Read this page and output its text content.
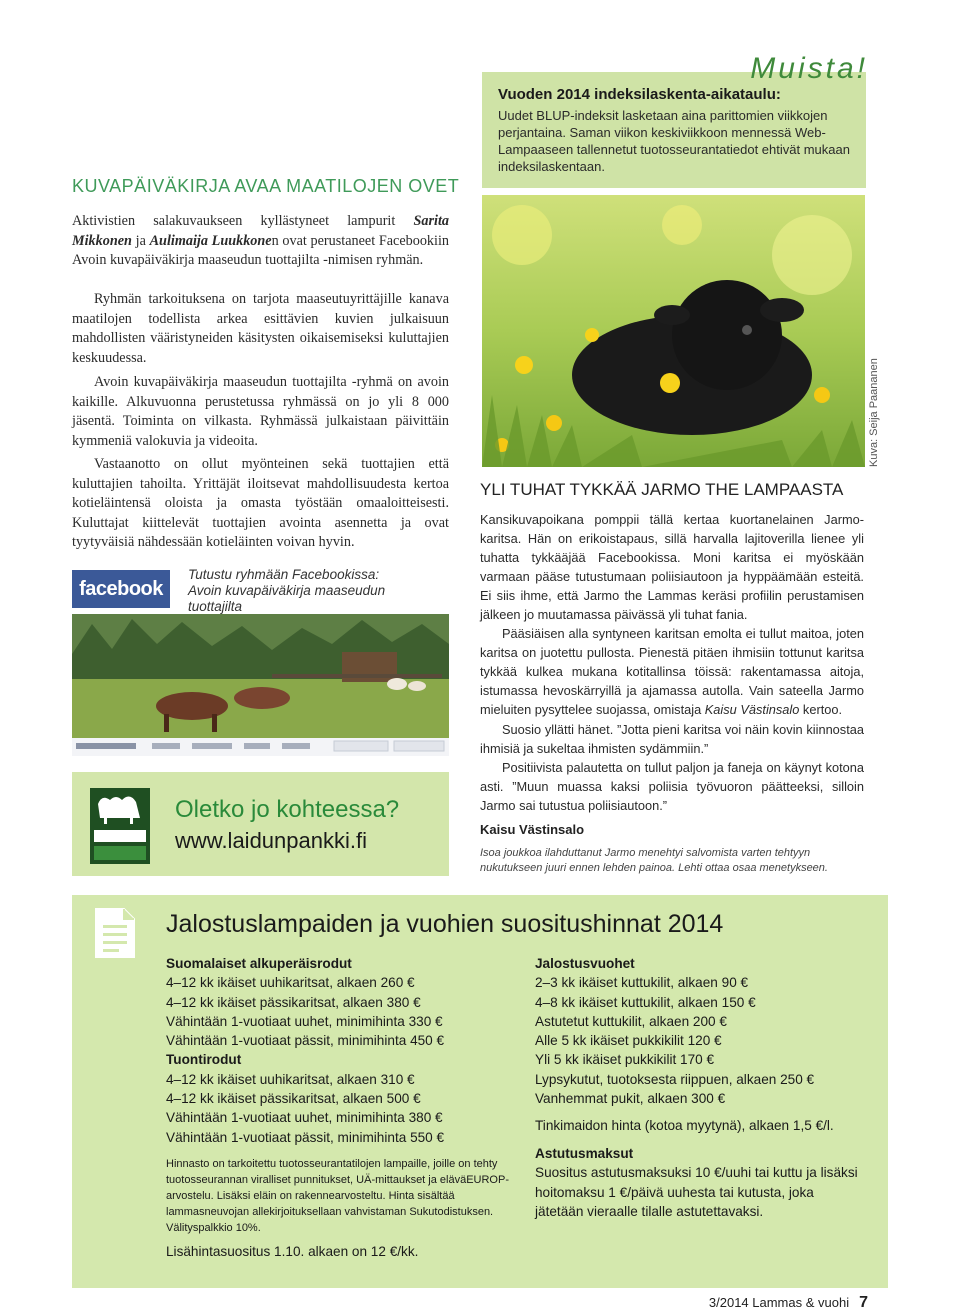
Muista!
Vuoden 2014 indeksilaskenta-aikataulu:
Uudet BLUP-indeksit lasketaan aina parittomien viikkojen perjantaina. Saman viikon keskiviikkoon mennessä Web-Lampaaseen tallennetut tuotosseurantatiedot ehtivät mukaan indeksilaskentaan.
KUVAPÄIVÄKIRJA AVAA MAATILOJEN OVET
Aktivistien salakuvaukseen kyllästyneet lampurit Sarita Mikkonen ja Aulimaija Luukkonen ovat perustaneet Facebookiin Avoin kuvapäiväkirja maaseudun tuottajilta -nimisen ryhmän.
Ryhmän tarkoituksena on tarjota maaseutuyrittäjille kanava maatilojen todellista arkea esittävien kuvien julkaisuun mahdollisten vääristyneiden käsitysten oikaisemiseksi kuluttajien keskuudessa.
Avoin kuvapäiväkirja maaseudun tuottajilta -ryhmä on avoin kaikille. Alkuvuonna perustetussa ryhmässä on jo yli 8 000 jäsentä. Toiminta on vilkasta. Ryhmässä julkaistaan päivittäin kymmeniä valokuvia ja videoita.
Vastaanotto on ollut myönteinen sekä tuottajien että kuluttajien tahoilta. Yrittäjät iloitsevat mahdollisuudesta kertoa kotieläintensä oloista ja omasta työstään omaaloitteisesti. Kuluttajat kiittelevät tuottajien avointa asennetta ja ovat tyytyväisiä nähdessään kotieläinten voivan hyvin.
facebook
Tutustu ryhmään Facebookissa: Avoin kuvapäiväkirja maaseudun tuottajilta
Oletko jo kohteessa?
www.laidunpankki.fi
Kuva: Seija Paananen
YLI TUHAT TYKKÄÄ JARMO THE LAMPAASTA
Kansikuvapoikana pomppii tällä kertaa kuortanelainen Jarmo-karitsa. Hän on erikoistapaus, sillä harvalla lajitoverilla lienee yli tuhatta tykkääjää Facebookissa. Moni karitsa ei myöskään varmaan pääse tutustumaan poliisiautoon ja hyppäämään esteitä. Ei siis ihme, että Jarmo the Lammas keräsi profiilin perustamisen jälkeen jo muutamassa päivässä yli tuhat fania.
Pääsiäisen alla syntyneen karitsan emolta ei tullut maitoa, joten karitsa on juotettu pullosta. Pienestä pitäen ihmisiin tottunut karitsa tykkää kulkea mukana kotitallinsa töissä: rakentamassa aitoja, istumassa hevoskärryillä ja ajamassa autolla. Vain sateella Jarmo mieluiten pysyttelee suojassa, omistaja Kaisu Västinsalo kertoo.
Suosio yllätti hänet. ”Jotta pieni karitsa voi näin kovin kiinnostaa ihmisiä ja sukeltaa ihmisten sydämmiin.”
Positiivista palautetta on tullut paljon ja faneja on käynyt kotona asti. ”Muun muassa kaksi poliisia työvuoron päätteeksi, silloin Jarmo sai tutustua poliisiautoon.”
Kaisu Västinsalo
Isoa joukkoa ilahduttanut Jarmo menehtyi salvomista varten tehtyyn nukutukseen juuri ennen lehden painoa. Lehti ottaa osaa menetykseen.
Jalostuslampaiden ja vuohien suositushinnat 2014
Suomalaiset alkuperäisrodut
4–12 kk ikäiset uuhikaritsat, alkaen 260 €
4–12 kk ikäiset pässikaritsat, alkaen 380 €
Vähintään 1-vuotiaat uuhet, minimihinta 330 €
Vähintään 1-vuotiaat pässit, minimihinta 450 €
Tuontirodut
4–12 kk ikäiset uuhikaritsat, alkaen 310 €
4–12 kk ikäiset pässikaritsat, alkaen 500 €
Vähintään 1-vuotiaat uuhet, minimihinta 380 €
Vähintään 1-vuotiaat pässit, minimihinta 550 €
Hinnasto on tarkoitettu tuotosseurantatilojen lampaille, joille on tehty tuotosseurannan viralliset punnitukset, UÄ-mittaukset ja eläväEUROP-arvostelu. Lisäksi eläin on rakennearvosteltu. Hinta sisältää lammasneuvojan allekirjoituksellaan vahvistaman Sukutodistuksen. Välityspalkkio 10%.
Lisähintasuositus 1.10. alkaen on 12 €/kk.
Jalostusvuohet
2–3 kk ikäiset kuttukilit, alkaen 90 €
4–8 kk ikäiset kuttukilit, alkaen 150 €
Astutetut kuttukilit, alkaen 200 €
Alle 5 kk ikäiset pukkikilit 120 €
Yli 5 kk ikäiset pukkikilit 170 €
Lypsykutut, tuotoksesta riippuen, alkaen 250 €
Vanhemmat pukit, alkaen 300 €
Tinkimaidon hinta (kotoa myytynä), alkaen 1,5 €/l.
Astutusmaksut
Suositus astutusmaksuksi 10 €/uuhi tai kuttu ja lisäksi hoitomaksu 1 €/päivä uuhesta tai kutusta, joka jätetään vieraalle tilalle astutettavaksi.
3/2014 Lammas & vuohi 7
